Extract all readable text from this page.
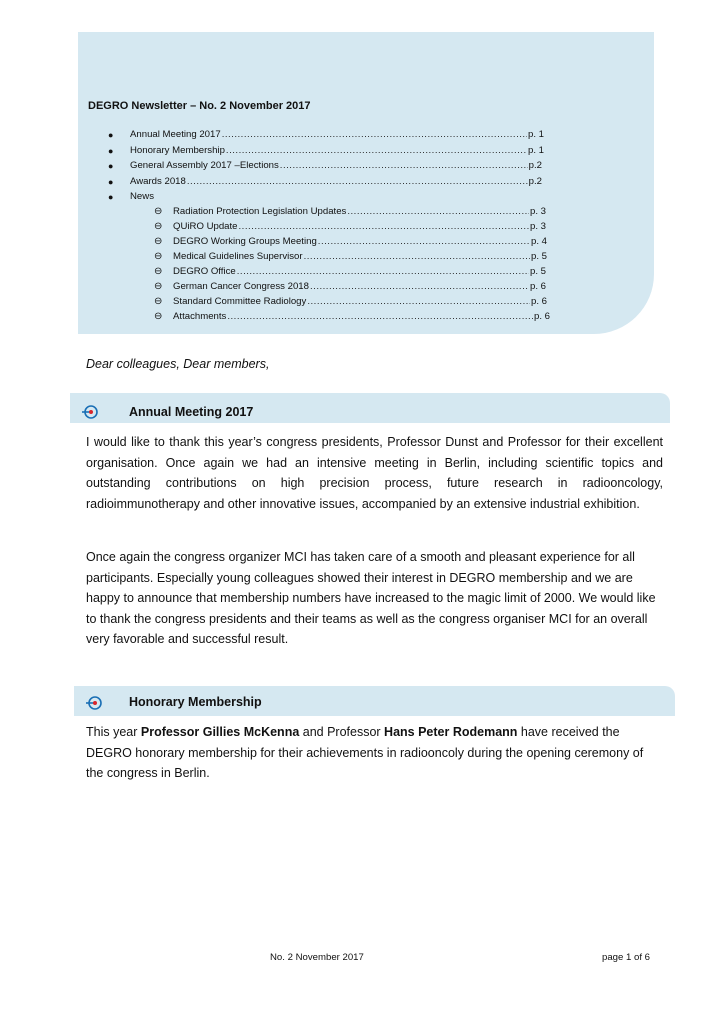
DEGRO Newsletter – No. 2 November 2017
● Annual Meeting 2017 .....	p. 1
● Honorary Membership .....	p. 1
● General Assembly 2017 –Elections .....	p.2
● Awards 2018 .....	p.2
● News
⊖ Radiation Protection Legislation Updates .....	p. 3
⊖ QUiRO Update .....	p. 3
⊖ DEGRO Working Groups Meeting .....	p. 4
⊖ Medical Guidelines Supervisor .....	p. 5
⊖ DEGRO Office .....	p. 5
⊖ German Cancer Congress 2018 .....	p. 6
⊖ Standard Committee Radiology .....	p. 6
⊖ Attachments .....	p. 6
Dear colleagues, Dear members,
Annual Meeting 2017
I would like to thank this year’s congress presidents, Professor Dunst and Professor for their excellent organisation. Once again we had an intensive meeting in Berlin, including scientific topics and outstanding contributions on high precision process, future research in radiooncology, radioimmunotherapy and other innovative issues, accompanied by an extensive industrial exhibition.
Once again the congress organizer MCI has taken care of a smooth and pleasant experience for all participants. Especially young colleagues showed their interest in DEGRO membership and we are happy to announce that membership numbers have increased to the magic limit of 2000. We would like to thank the congress presidents and their teams as well as the congress organiser MCI for an overall very favorable and successful result.
Honorary Membership
This year Professor Gillies McKenna and Professor Hans Peter Rodemann have received the DEGRO honorary membership for their achievements in radiooncoly during the opening ceremony of the congress in Berlin.
No. 2 November 2017	page 1 of 6
